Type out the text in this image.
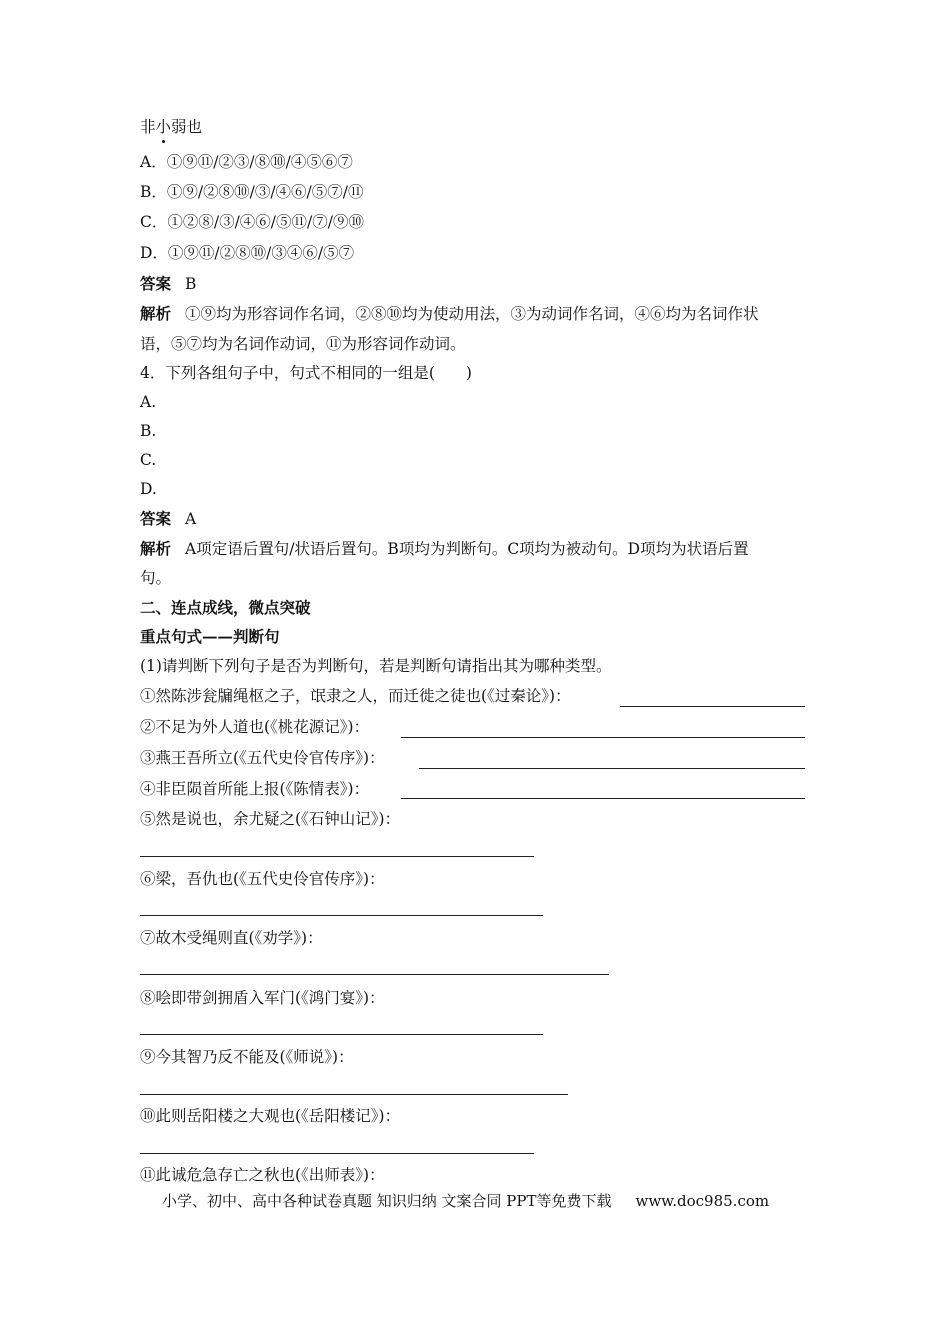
非小弱也
A．①⑨⑪/②③/⑧⑩/④⑤⑥⑦
B．①⑨/②⑧⑩/③/④⑥/⑤⑦/⑪
C．①②⑧/③/④⑥/⑤⑪/⑦/⑨⑩
D．①⑨⑪/②⑧⑩/③④⑥/⑤⑦
答案 B
解析 ①⑨均为形容词作名词，②⑧⑩均为使动用法，③为动词作名词，④⑥均为名词作状
语，⑤⑦均为名词作动词，⑪为形容词作动词。
4．下列各组句子中，句式不相同的一组是(　　)
A.
B.
C.
D.
答案 A
解析 A项定语后置句/状语后置句。B项均为判断句。C项均为被动句。D项均为状语后置
句。
二、连点成线，微点突破
重点句式——判断句
(1)请判断下列句子是否为判断句，若是判断句请指出其为哪种类型。
①然陈涉瓮牖绳枢之子，氓隶之人，而迁徙之徒也(《过秦论》)：
②不足为外人道也(《桃花源记》)：
③燕王吾所立(《五代史伶官传序》)：
④非臣陨首所能上报(《陈情表》)：
⑤然是说也，余尤疑之(《石钟山记》)：
⑥梁，吾仇也(《五代史伶官传序》)：
⑦故木受绳则直(《劝学》)：
⑧哙即带剑拥盾入军门(《鸿门宴》)：
⑨今其智乃反不能及(《师说》)：
⑩此则岳阳楼之大观也(《岳阳楼记》)：
⑪此诚危急存亡之秋也(《出师表》)：
小学、初中、高中各种试卷真题 知识归纳 文案合同 PPT等免费下载 www.doc985.com
